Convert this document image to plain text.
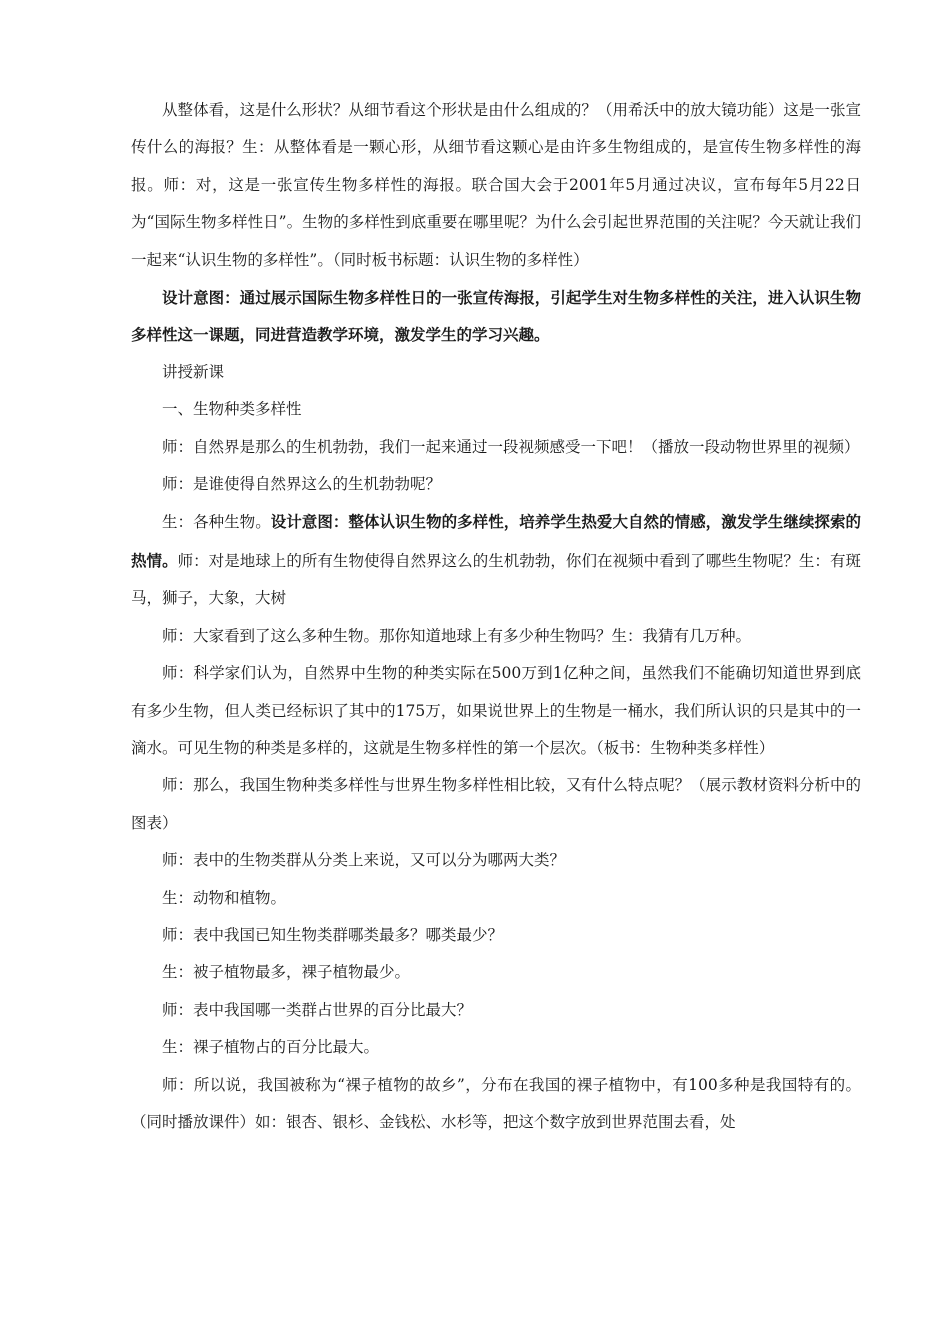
从整体看，这是什么形状？从细节看这个形状是由什么组成的？（用希沃中的放大镜功能）这是一张宣传什么的海报？生：从整体看是一颗心形，从细节看这颗心是由许多生物组成的，是宣传生物多样性的海报。师：对，这是一张宣传生物多样性的海报。联合国大会于2001年5月通过决议，宣布每年5月22日为“国际生物多样性日”。生物的多样性到底重要在哪里呢？为什么会引起世界范围的关注呢？今天就让我们一起来“认识生物的多样性”。（同时板书标题：认识生物的多样性）

设计意图：通过展示国际生物多样性日的一张宣传海报，引起学生对生物多样性的关注，进入认识生物多样性这一课题，同进营造教学环境，激发学生的学习兴趣。

讲授新课

一、生物种类多样性

师：自然界是那么的生机勃勃，我们一起来通过一段视频感受一下吧！（播放一段动物世界里的视频）

师：是谁使得自然界这么的生机勃勃呢？

生：各种生物。设计意图：整体认识生物的多样性，培养学生热爱大自然的情感，激发学生继续探索的热情。师：对是地球上的所有生物使得自然界这么的生机勃勃，你们在视频中看到了哪些生物呢？生：有斑马，狮子，大象，大树

师：大家看到了这么多种生物。那你知道地球上有多少种生物吗？生：我猜有几万种。

师：科学家们认为，自然界中生物的种类实际在500万到1亿种之间，虽然我们不能确切知道世界到底有多少生物，但人类已经标识了其中的175万，如果说世界上的生物是一桶水，我们所认识的只是其中的一滴水。可见生物的种类是多样的，这就是生物多样性的第一个层次。（板书：生物种类多样性）

师：那么，我国生物种类多样性与世界生物多样性相比较，又有什么特点呢？（展示教材资料分析中的图表）

师：表中的生物类群从分类上来说，又可以分为哪两大类？

生：动物和植物。

师：表中我国已知生物类群哪类最多？哪类最少？

生：被子植物最多，裸子植物最少。

师：表中我国哪一类群占世界的百分比最大？

生：裸子植物占的百分比最大。

师：所以说，我国被称为“裸子植物的故乡”，分布在我国的裸子植物中，有100多种是我国特有的。（同时播放课件）如：银杏、银杉、金钱松、水杉等，把这个数字放到世界范围去看，处
